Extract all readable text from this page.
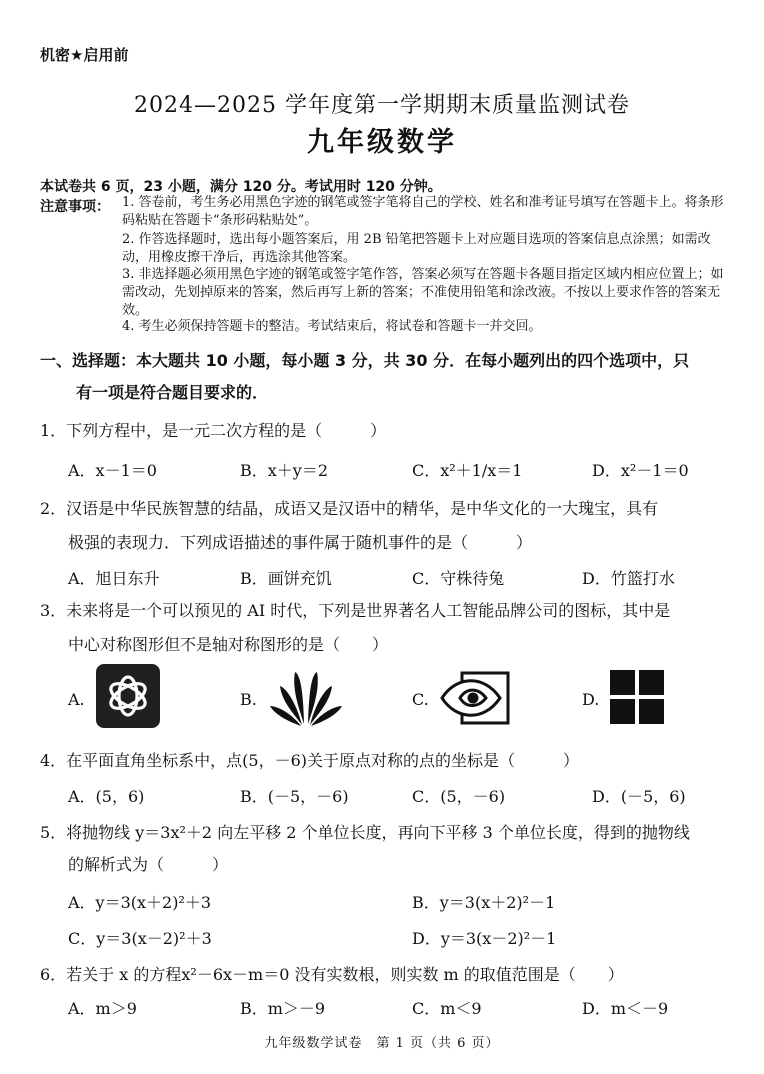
机密★启用前
2024—2025 学年度第一学期期末质量监测试卷
九年级数学
本试卷共 6 页，23 小题，满分 120 分。考试用时 120 分钟。
注意事项： 1. 答卷前，考生务必用黑色字迹的钢笔或签字笔将自己的学校、姓名和准考证号填写在答题卡上。将条形码粘贴在答题卡“条形码粘贴处”。
2. 作答选择题时，选出每小题答案后，用 2B 铅笔把答题卡上对应题目选项的答案信息点涂黑；如需改动，用橡皮擦干净后，再选涂其他答案。
3. 非选择题必须用黑色字迹的钢笔或签字笔作答，答案必须写在答题卡各题目指定区域内相应位置上；如需改动，先划掉原来的答案，然后再写上新的答案；不准使用铅笔和涂改液。不按以上要求作答的答案无效。
4. 考生必须保持答题卡的整洁。考试结束后，将试卷和答题卡一并交回。
一、选择题：本大题共 10 小题，每小题 3 分，共 30 分．在每小题列出的四个选项中，只
有一项是符合题目要求的．
1．下列方程中，是一元二次方程的是（　　　）
A．x－1＝0	B．x＋y＝2	C．x²＋1/x＝1	D．x²－1＝0
2．汉语是中华民族智慧的结晶，成语又是汉语中的精华，是中华文化的一大瑰宝，具有
极强的表现力．下列成语描述的事件属于随机事件的是（　　　）
A．旭日东升	B．画饼充饥	C．守株待兔	D．竹篮打水
3．未来将是一个可以预见的 AI 时代，下列是世界著名人工智能品牌公司的图标，其中是
中心对称图形但不是轴对称图形的是（　　）
A.	B.	C.	D.
4．在平面直角坐标系中，点(5，－6)关于原点对称的点的坐标是（　　　）
A．(5，6)	B．(－5，－6)	C．(5，－6)	D．(－5，6)
5．将抛物线 y＝3x²＋2 向左平移 2 个单位长度，再向下平移 3 个单位长度，得到的抛物线
的解析式为（　　　）
A．y＝3(x＋2)²＋3	B．y＝3(x＋2)²－1
C．y＝3(x－2)²＋3	D．y＝3(x－2)²－1
6．若关于 x 的方程x²－6x－m＝0 没有实数根，则实数 m 的取值范围是（　　）
A．m＞9	B．m＞－9	C．m＜9	D．m＜－9
九年级数学试卷　第 1 页（共 6 页）
